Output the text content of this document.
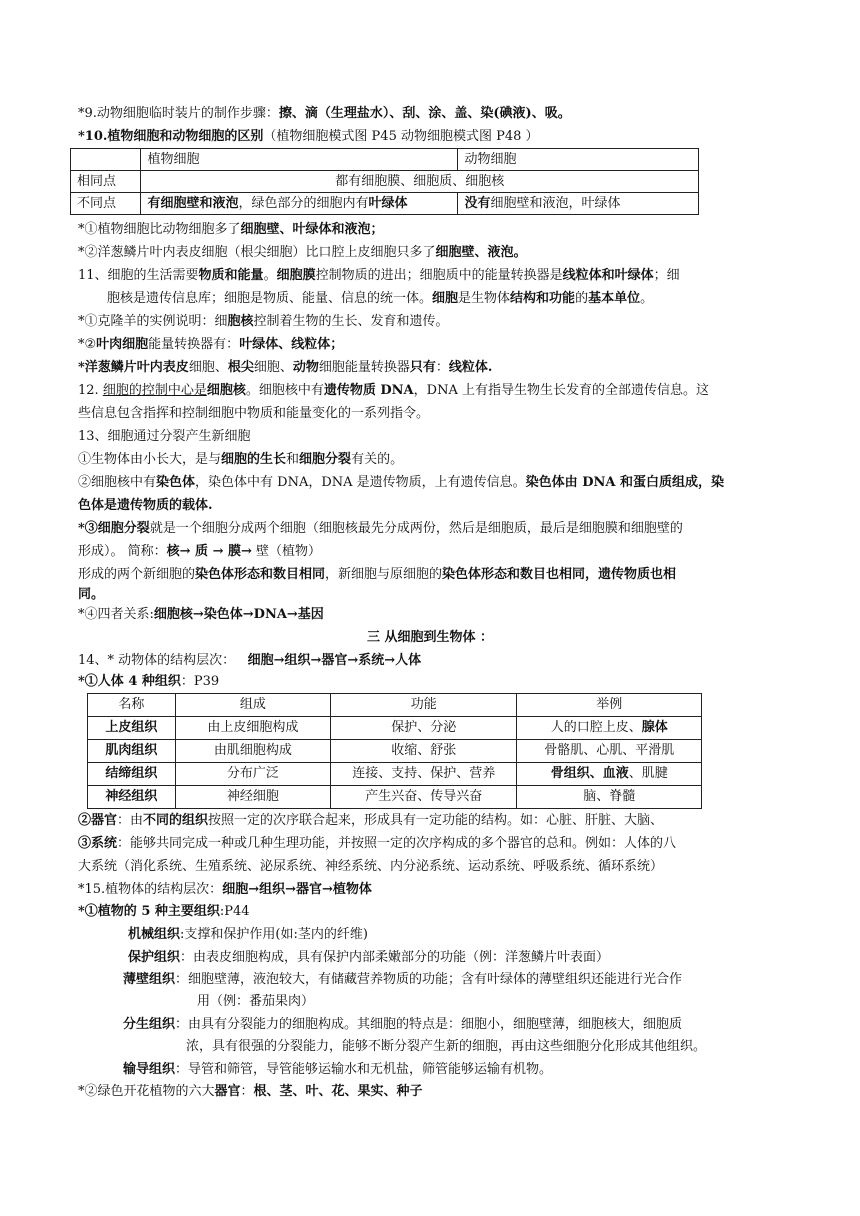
*9.动物细胞临时装片的制作步骤：擦、滴（生理盐水）、刮、涂、盖、染(碘液)、吸。
*10.植物细胞和动物细胞的区别（植物细胞模式图 P45 动物细胞模式图 P48 ）
	植物细胞	动物细胞
相同点	都有细胞膜、细胞质、细胞核	
不同点	有细胞壁和液泡，绿色部分的细胞内有叶绿体	没有细胞壁和液泡，叶绿体
*①植物细胞比动物细胞多了细胞壁、叶绿体和液泡；
*②洋葱鳞片叶内表皮细胞（根尖细胞）比口腔上皮细胞只多了细胞壁、液泡。
11、细胞的生活需要物质和能量。细胞膜控制物质的进出；细胞质中的能量转换器是线粒体和叶绿体；细
胞核是遗传信息库；细胞是物质、能量、信息的统一体。细胞是生物体结构和功能的基本单位。
*①克隆羊的实例说明：细胞核控制着生物的生长、发育和遗传。
*②叶肉细胞能量转换器有：叶绿体、线粒体；
*洋葱鳞片叶内表皮细胞、根尖细胞、动物细胞能量转换器只有：线粒体.
12. 细胞的控制中心是细胞核。细胞核中有遗传物质 DNA，DNA 上有指导生物生长发育的全部遗传信息。这
些信息包含指挥和控制细胞中物质和能量变化的一系列指令。
13、细胞通过分裂产生新细胞
①生物体由小长大，是与细胞的生长和细胞分裂有关的。
②细胞核中有染色体，染色体中有 DNA，DNA 是遗传物质，上有遗传信息。染色体由 DNA 和蛋白质组成，染
色体是遗传物质的载体.
*③细胞分裂就是一个细胞分成两个细胞（细胞核最先分成两份，然后是细胞质，最后是细胞膜和细胞壁的
形成）。 简称：核→ 质 → 膜→ 壁（植物）
形成的两个新细胞的染色体形态和数目相同，新细胞与原细胞的染色体形态和数目也相同，遗传物质也相
同。
*④四者关系:细胞核→染色体→DNA→基因
三 从细胞到生物体 ：
14、* 动物体的结构层次：   细胞→组织→器官→系统→人体
*①人体 4 种组织：P39
名称	组成	功能	举例
上皮组织	由上皮细胞构成	保护、分泌	人的口腔上皮、腺体
肌肉组织	由肌细胞构成	收缩、舒张	骨骼肌、心肌、平滑肌
结缔组织	分布广泛	连接、支持、保护、营养	骨组织、血液、肌腱
神经组织	神经细胞	产生兴奋、传导兴奋	脑、脊髓
②器官：由不同的组织按照一定的次序联合起来，形成具有一定功能的结构。如：心脏、肝脏、大脑、
③系统：能够共同完成一种或几种生理功能，并按照一定的次序构成的多个器官的总和。例如：人体的八
大系统（消化系统、生殖系统、泌尿系统、神经系统、内分泌系统、运动系统、呼吸系统、循环系统）
*15.植物体的结构层次：细胞→组织→器官→植物体
*①植物的 5 种主要组织:P44
机械组织:支撑和保护作用(如:茎内的纤维)
保护组织：由表皮细胞构成，具有保护内部柔嫩部分的功能（例：洋葱鳞片叶表面）
薄壁组织：细胞壁薄，液泡较大，有储藏营养物质的功能；含有叶绿体的薄壁组织还能进行光合作
用（例：番茄果肉）
分生组织：由具有分裂能力的细胞构成。其细胞的特点是：细胞小，细胞壁薄，细胞核大，细胞质
浓，具有很强的分裂能力，能够不断分裂产生新的细胞，再由这些细胞分化形成其他组织。
输导组织：导管和筛管，导管能够运输水和无机盐，筛管能够运输有机物。
*②绿色开花植物的六大器官：根、茎、叶、花、果实、种子
